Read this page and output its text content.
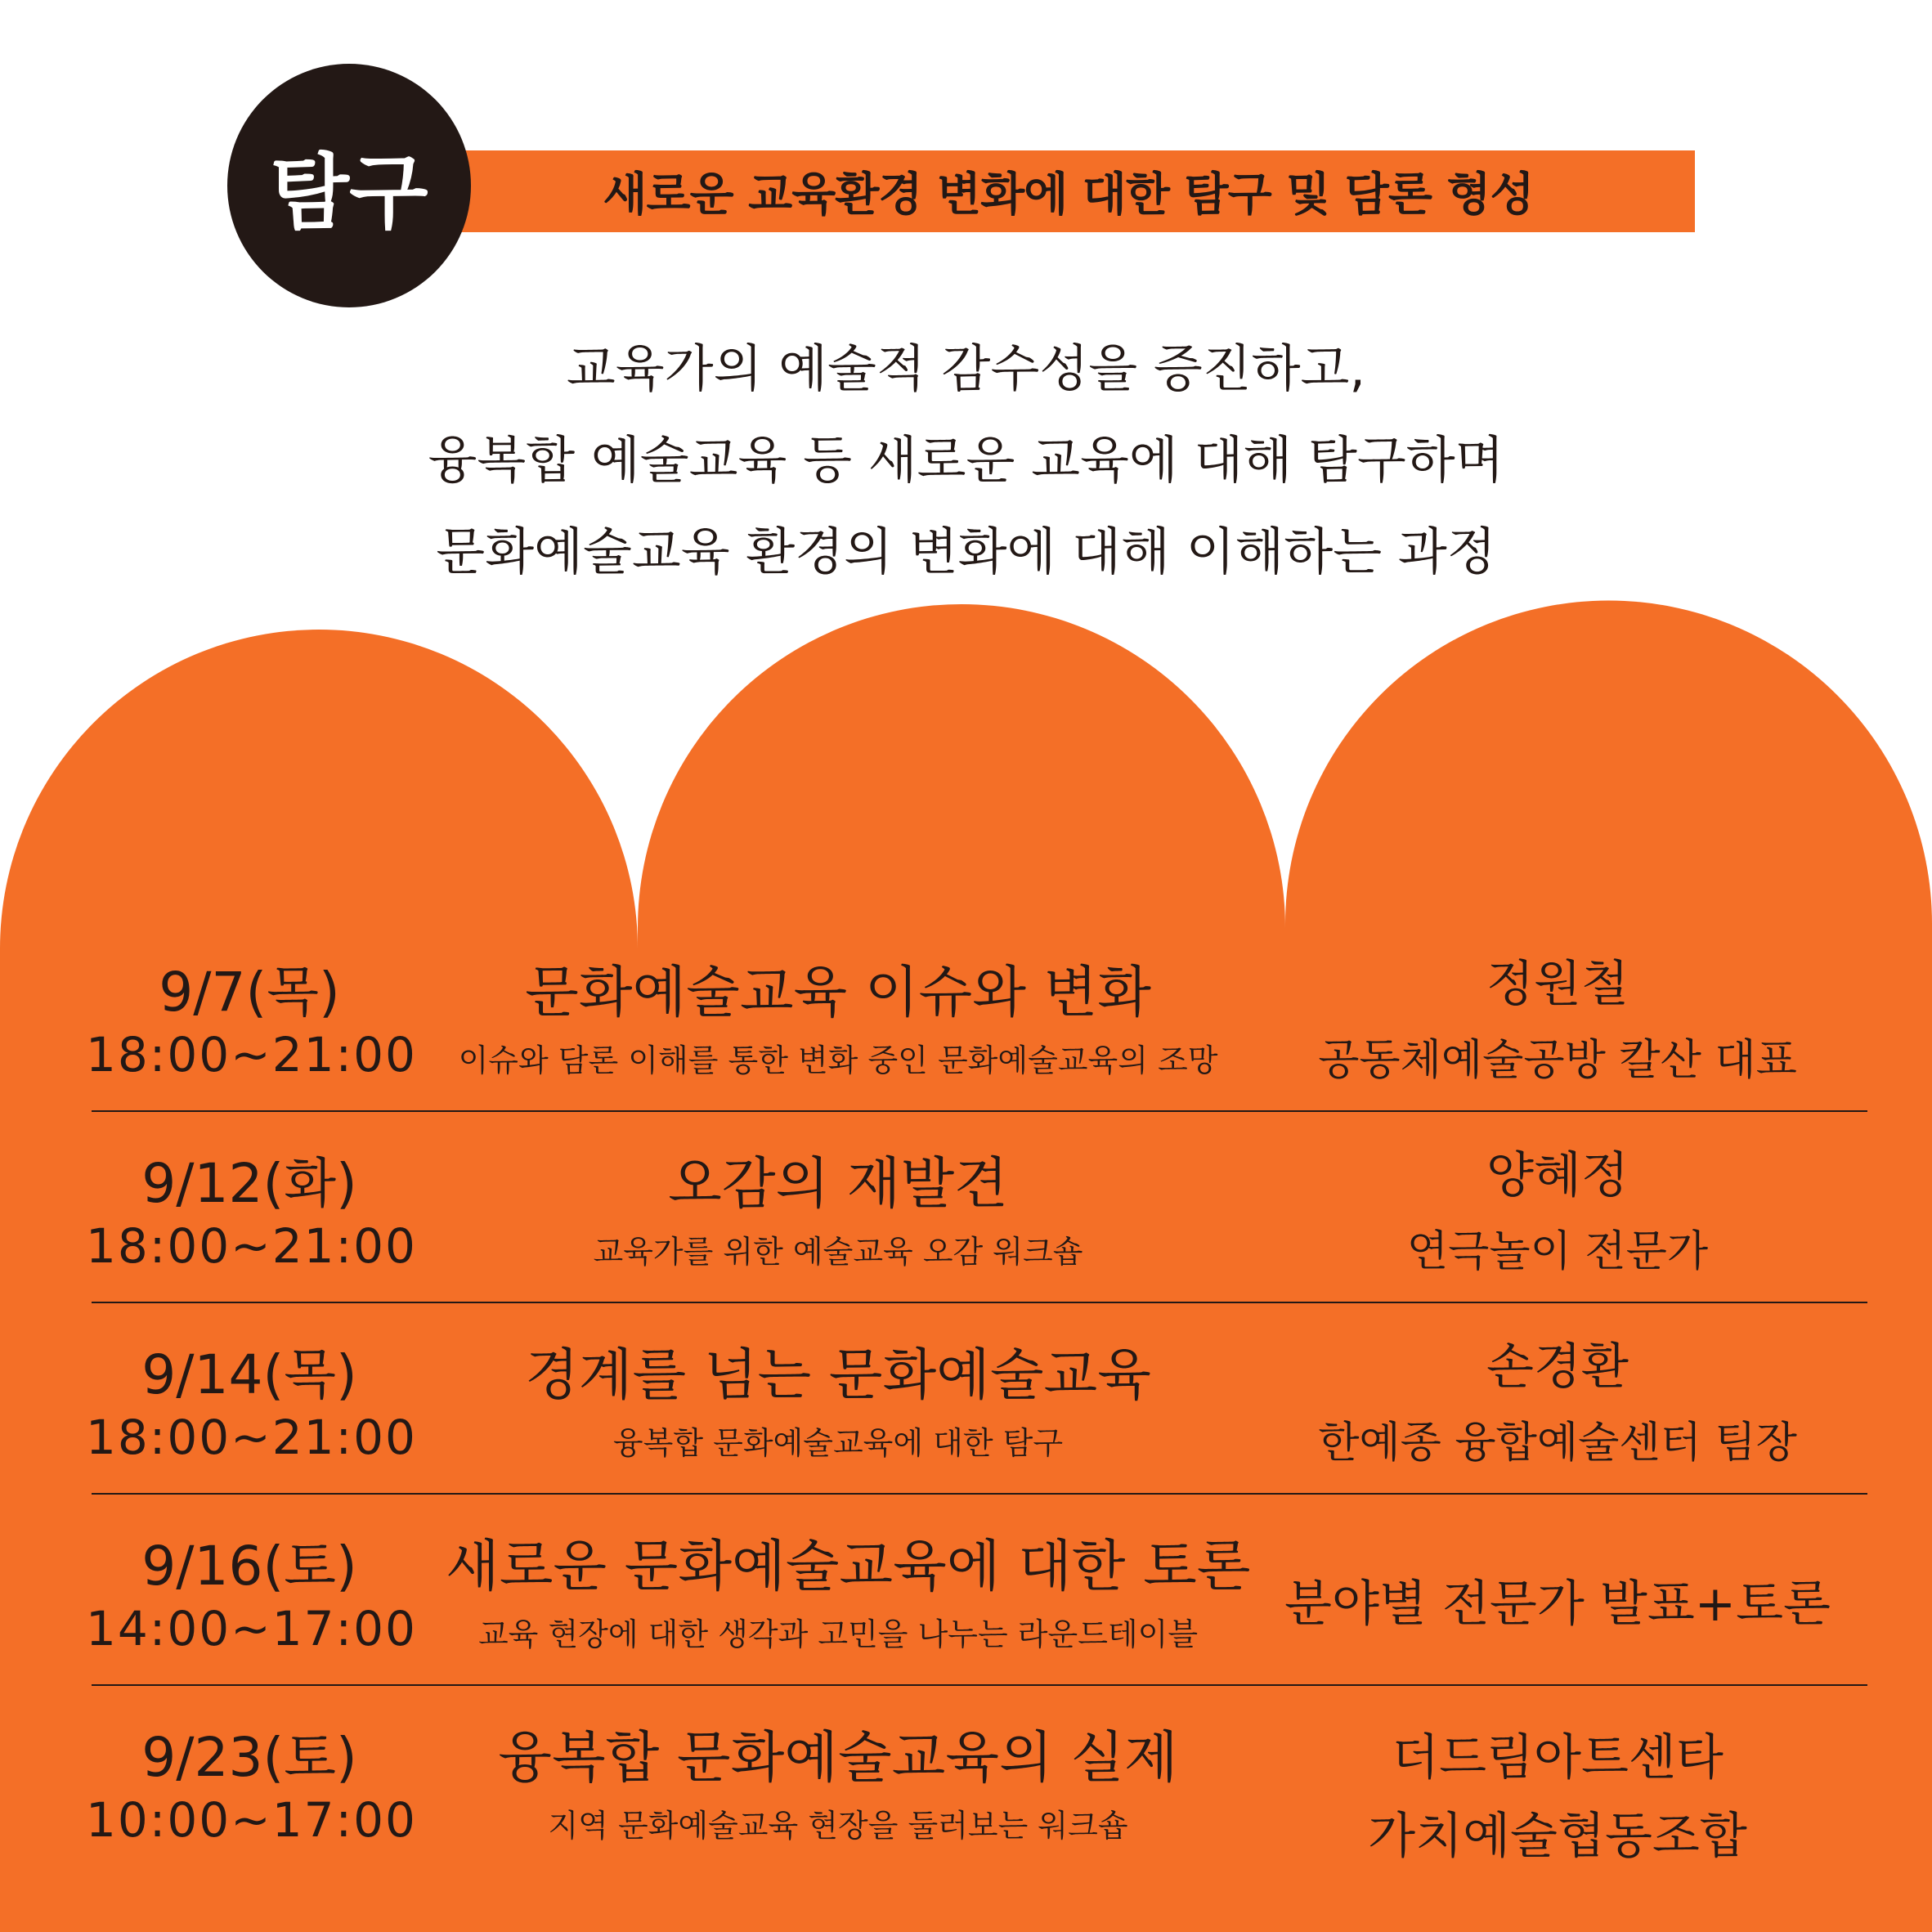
탐구	새로운 교육환경 변화에 대한 탐구 및 담론 형성
교육가의 예술적 감수성을 증진하고,
융복합 예술교육 등 새로운 교육에 대해 탐구하며
문화예술교육 환경의 변화에 대해 이해하는 과정
9/7(목)
18:00~21:00
문화예술교육 이슈와 변화
이슈와 담론 이해를 통한 변화 중인 문화예술교육의 조망
정원철
공동체예술공방 칼산 대표
9/12(화)
18:00~21:00
오감의 재발견
교육가를 위한 예술교육 오감 워크숍
양혜정
연극놀이 전문가
9/14(목)
18:00~21:00
경계를 넘는 문화예술교육
융복합 문화예술교육에 대한 탐구
손경환
한예종 융합예술센터 팀장
9/16(토)
14:00~17:00
새로운 문화예술교육에 대한 토론
교육 현장에 대한 생각과 고민을 나누는 라운드테이블
분야별 전문가 발표+토론
9/23(토)
10:00~17:00
융복합 문화예술교육의 실제
지역 문화예술교육 현장을 둘러보는 워크숍
더드림아트센타
가치예술협동조합
